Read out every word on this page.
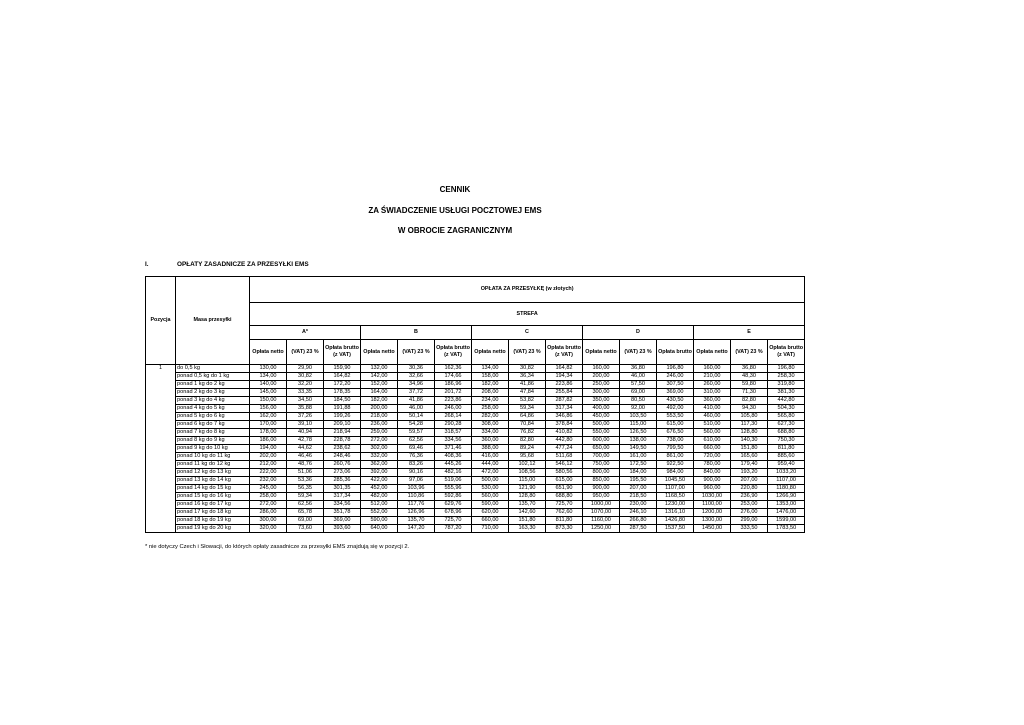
CENNIK
ZA ŚWIADCZENIE USŁUGI POCZTOWEJ EMS
W OBROCIE ZAGRANICZNYM
I.	OPŁATY ZASADNICZE ZA PRZESYŁKI EMS
Pozycja	Masa przesyłki	OPŁATA ZA PRZESYŁKĘ (w złotych)														
		STREFA														
		A*			B			C			D			E		
		Opłata netto	(VAT) 23 %	Opłata brutto (z VAT)	Opłata netto	(VAT) 23 %	Opłata brutto (z VAT)	Opłata netto	(VAT) 23 %	Opłata brutto (z VAT)	Opłata netto	(VAT) 23 %	Opłata brutto	Opłata netto	(VAT) 23 %	Opłata brutto (z VAT)
1	do 0,5 kg	130,00	29,90	159,90	132,00	30,36	162,36	134,00	30,82	164,82	160,00	36,80	196,80	160,00	36,80	196,80
	ponad 0,5 kg do 1 kg	134,00	30,82	164,82	142,00	32,66	174,66	158,00	36,34	194,34	200,00	46,00	246,00	210,00	48,30	258,30
	ponad 1 kg do 2 kg	140,00	32,20	172,20	152,00	34,96	186,96	182,00	41,86	223,86	250,00	57,50	307,50	260,00	59,80	319,80
	ponad 2 kg do 3 kg	145,00	33,35	178,35	164,00	37,72	201,72	208,00	47,84	255,84	300,00	69,00	369,00	310,00	71,30	381,30
	ponad 3 kg do 4 kg	150,00	34,50	184,50	182,00	41,86	223,86	234,00	53,82	287,82	350,00	80,50	430,50	360,00	82,80	442,80
	ponad 4 kg do 5 kg	156,00	35,88	191,88	200,00	46,00	246,00	258,00	59,34	317,34	400,00	92,00	492,00	410,00	94,30	504,30
	ponad 5 kg do 6 kg	162,00	37,26	199,26	218,00	50,14	268,14	282,00	64,86	346,86	450,00	103,50	553,50	460,00	105,80	565,80
	ponad 6 kg do 7 kg	170,00	39,10	209,10	236,00	54,28	290,28	308,00	70,84	378,84	500,00	115,00	615,00	510,00	117,30	627,30
	ponad 7 kg do 8 kg	178,00	40,94	218,94	259,00	59,57	318,57	334,00	76,82	410,82	550,00	126,50	676,50	560,00	128,80	688,80
	ponad 8 kg do 9 kg	186,00	42,78	228,78	272,00	62,56	334,56	360,00	82,80	442,80	600,00	138,00	738,00	610,00	140,30	750,30
	ponad 9 kg do 10 kg	194,00	44,62	238,62	302,00	69,46	371,46	388,00	89,24	477,24	650,00	149,50	799,50	660,00	151,80	811,80
	ponad 10 kg do 11 kg	202,00	46,46	248,46	332,00	76,36	408,36	416,00	95,68	511,68	700,00	161,00	861,00	720,00	165,60	885,60
	ponad 11 kg do 12 kg	212,00	48,76	260,76	362,00	83,26	445,26	444,00	102,12	546,12	750,00	172,50	922,50	780,00	179,40	959,40
	ponad 12 kg do 13 kg	222,00	51,06	273,06	392,00	90,16	482,16	472,00	108,56	580,56	800,00	184,00	984,00	840,00	193,20	1033,20
	ponad 13 kg do 14 kg	232,00	53,36	285,36	422,00	97,06	519,06	500,00	115,00	615,00	850,00	195,50	1045,50	900,00	207,00	1107,00
	ponad 14 kg do 15 kg	245,00	56,35	301,35	452,00	103,96	555,96	530,00	121,90	651,90	900,00	207,00	1107,00	960,00	220,80	1180,80
	ponad 15 kg do 16 kg	258,00	59,34	317,34	482,00	110,86	592,86	560,00	128,80	688,80	950,00	218,50	1168,50	1030,00	236,90	1266,90
	ponad 16 kg do 17 kg	272,00	62,56	334,56	512,00	117,76	629,76	590,00	135,70	725,70	1000,00	230,00	1230,00	1100,00	253,00	1353,00
	ponad 17 kg do 18 kg	286,00	65,78	351,78	552,00	126,96	678,96	620,00	142,60	762,60	1070,00	246,10	1316,10	1200,00	276,00	1476,00
	ponad 18 kg do 19 kg	300,00	69,00	369,00	590,00	135,70	725,70	660,00	151,80	811,80	1160,00	266,80	1426,80	1300,00	299,00	1599,00
	ponad 19 kg do 20 kg	320,00	73,60	393,60	640,00	147,20	787,20	710,00	163,30	873,30	1250,00	287,50	1537,50	1450,00	333,50	1783,50
* nie dotyczy Czech i Słowacji, do których opłaty zasadnicze za przesyłki EMS znajdują się w pozycji 2.
